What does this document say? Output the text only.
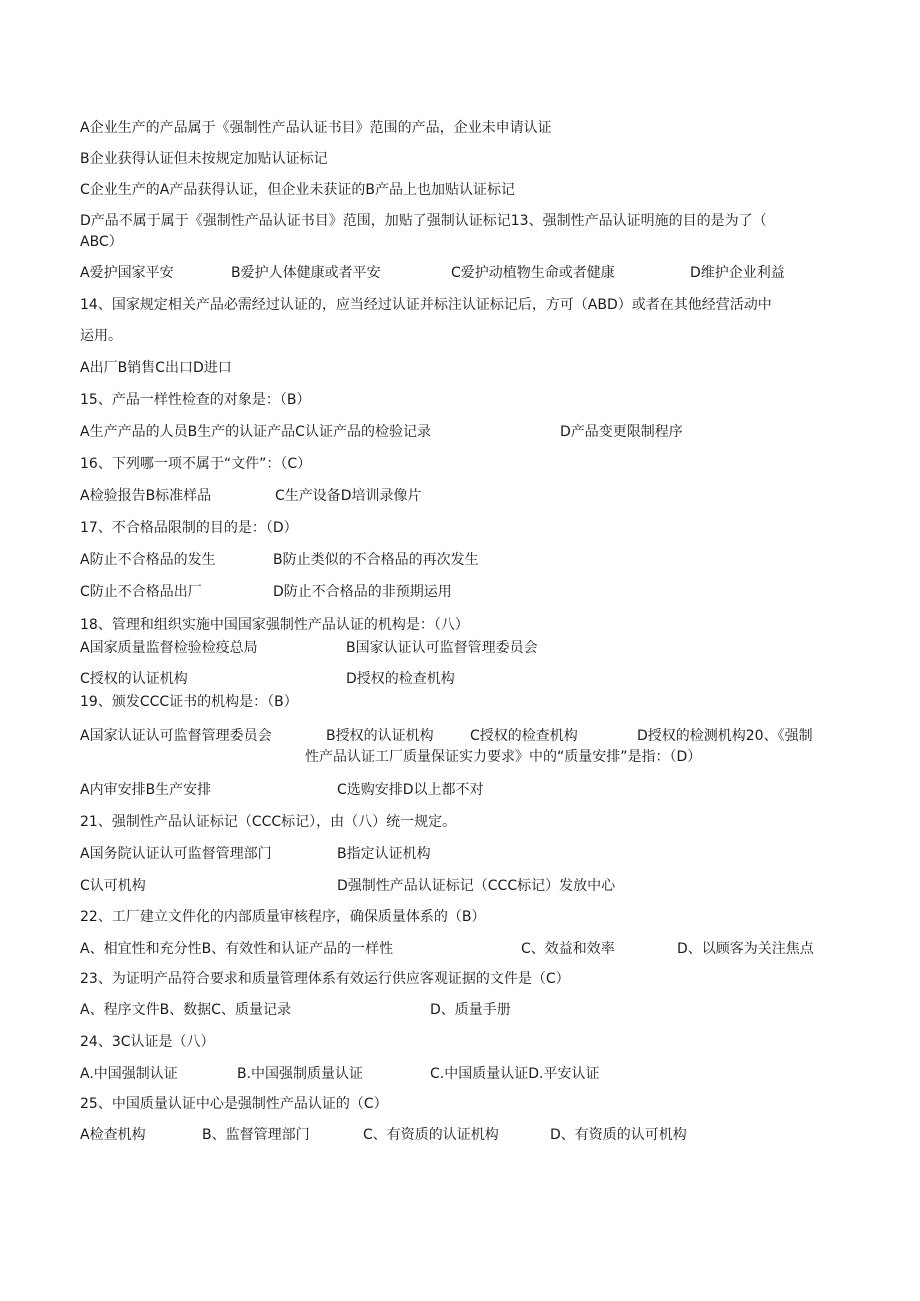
A企业生产的产品属于《强制性产品认证书目》范围的产品，企业未申请认证
B企业获得认证但未按规定加贴认证标记
C企业生产的A产品获得认证，但企业未获证的B产品上也加贴认证标记
D产品不属于属于《强制性产品认证书目》范围，加贴了强制认证标记13、强制性产品认证明施的目的是为了（
ABC）
A爱护国家平安	B爱护人体健康或者平安	C爱护动植物生命或者健康	D维护企业利益
14、国家规定相关产品必需经过认证的，应当经过认证并标注认证标记后，方可（ABD）或者在其他经营活动中
运用。
A出厂B销售C出口D进口
15、产品一样性检查的对象是：（B）
A生产产品的人员B生产的认证产品C认证产品的检验记录	D产品变更限制程序
16、下列哪一项不属于“文件”：（C）
A检验报告B标准样品	C生产设备D培训录像片
17、不合格品限制的目的是：（D）
A防止不合格品的发生	B防止类似的不合格品的再次发生
C防止不合格品出厂	D防止不合格品的非预期运用
18、管理和组织实施中国国家强制性产品认证的机构是：（八）
A国家质量监督检验检疫总局	B国家认证认可监督管理委员会
C授权的认证机构	D授权的检查机构
19、颁发CCC证书的机构是：（B）
A国家认证认可监督管理委员会	B授权的认证机构	C授权的检查机构	D授权的检测机构20、《强制
性产品认证工厂质量保证实力要求》中的“质量安排”是指：（D）
A内审安排B生产安排	C选购安排D以上都不对
21、强制性产品认证标记（CCC标记），由（八）统一规定。
A国务院认证认可监督管理部门	B指定认证机构
C认可机构	D强制性产品认证标记（CCC标记）发放中心
22、工厂建立文件化的内部质量审核程序，确保质量体系的（B）
A、相宜性和充分性B、有效性和认证产品的一样性	C、效益和效率	D、以顾客为关注焦点
23、为证明产品符合要求和质量管理体系有效运行供应客观证据的文件是（C）
A、程序文件B、数据C、质量记录	D、质量手册
24、3C认证是（八）
A.中国强制认证	B.中国强制质量认证	C.中国质量认证D.平安认证
25、中国质量认证中心是强制性产品认证的（C）
A检查机构	B、监督管理部门	C、有资质的认证机构	D、有资质的认可机构
